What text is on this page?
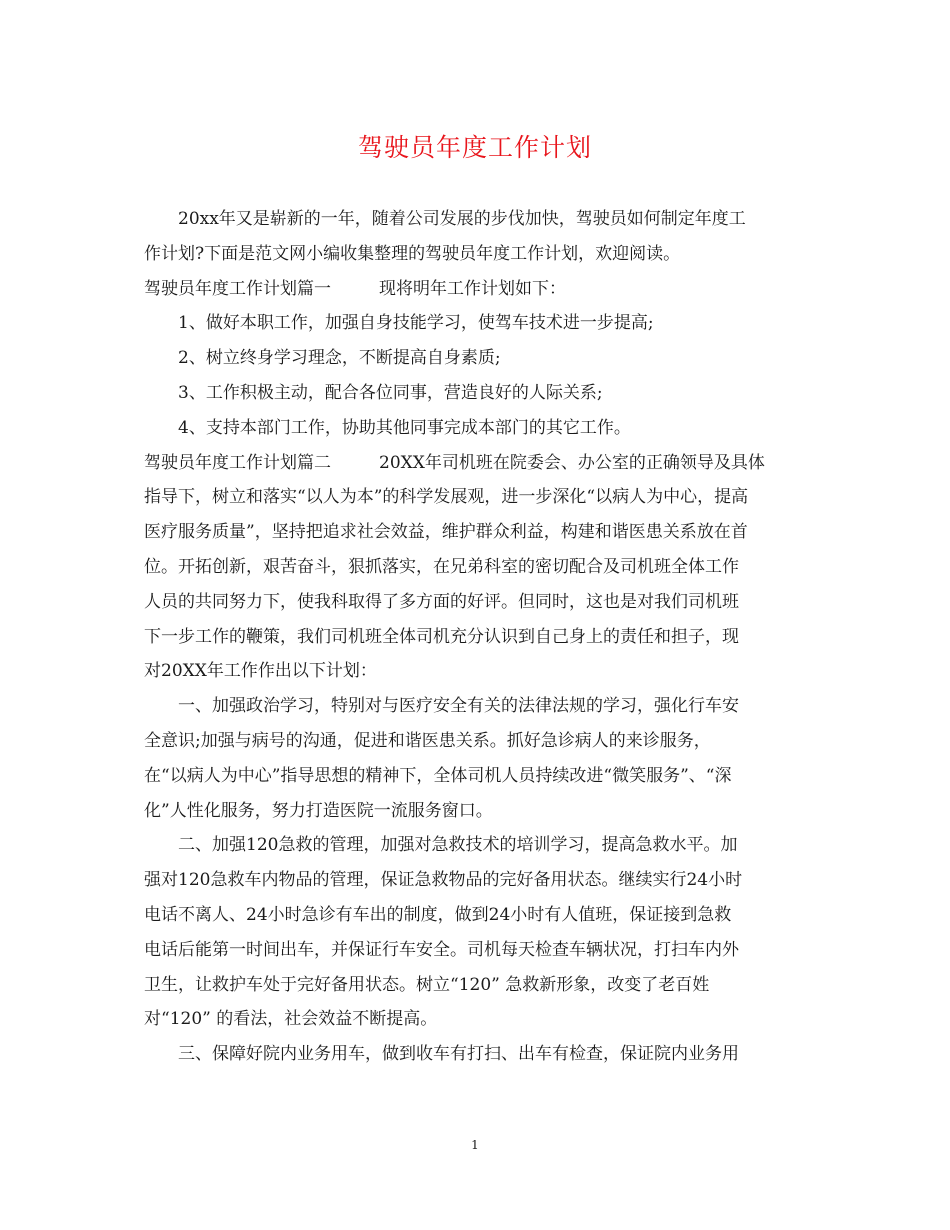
驾驶员年度工作计划
20xx年又是崭新的一年，随着公司发展的步伐加快，驾驶员如何制定年度工
作计划?下面是范文网小编收集整理的驾驶员年度工作计划，欢迎阅读。
驾驶员年度工作计划篇一	现将明年工作计划如下：
1、做好本职工作，加强自身技能学习，使驾车技术进一步提高;
2、树立终身学习理念，不断提高自身素质;
3、工作积极主动，配合各位同事，营造良好的人际关系;
4、支持本部门工作，协助其他同事完成本部门的其它工作。
驾驶员年度工作计划篇二	20XX年司机班在院委会、办公室的正确领导及具体
指导下，树立和落实“以人为本”的科学发展观，进一步深化“以病人为中心，提高
医疗服务质量”，坚持把追求社会效益，维护群众利益，构建和谐医患关系放在首
位。开拓创新，艰苦奋斗，狠抓落实，在兄弟科室的密切配合及司机班全体工作
人员的共同努力下，使我科取得了多方面的好评。但同时，这也是对我们司机班
下一步工作的鞭策，我们司机班全体司机充分认识到自己身上的责任和担子，现
对20XX年工作作出以下计划：
一、加强政治学习，特别对与医疗安全有关的法律法规的学习，强化行车安
全意识;加强与病号的沟通，促进和谐医患关系。抓好急诊病人的来诊服务，
在“以病人为中心”指导思想的精神下，全体司机人员持续改进“微笑服务”、“深
化”人性化服务，努力打造医院一流服务窗口。
二、加强120急救的管理，加强对急救技术的培训学习，提高急救水平。加
强对120急救车内物品的管理，保证急救物品的完好备用状态。继续实行24小时
电话不离人、24小时急诊有车出的制度，做到24小时有人值班，保证接到急救
电话后能第一时间出车，并保证行车安全。司机每天检查车辆状况，打扫车内外
卫生，让救护车处于完好备用状态。树立“120” 急救新形象，改变了老百姓
对“120” 的看法，社会效益不断提高。
三、保障好院内业务用车，做到收车有打扫、出车有检查，保证院内业务用
1
